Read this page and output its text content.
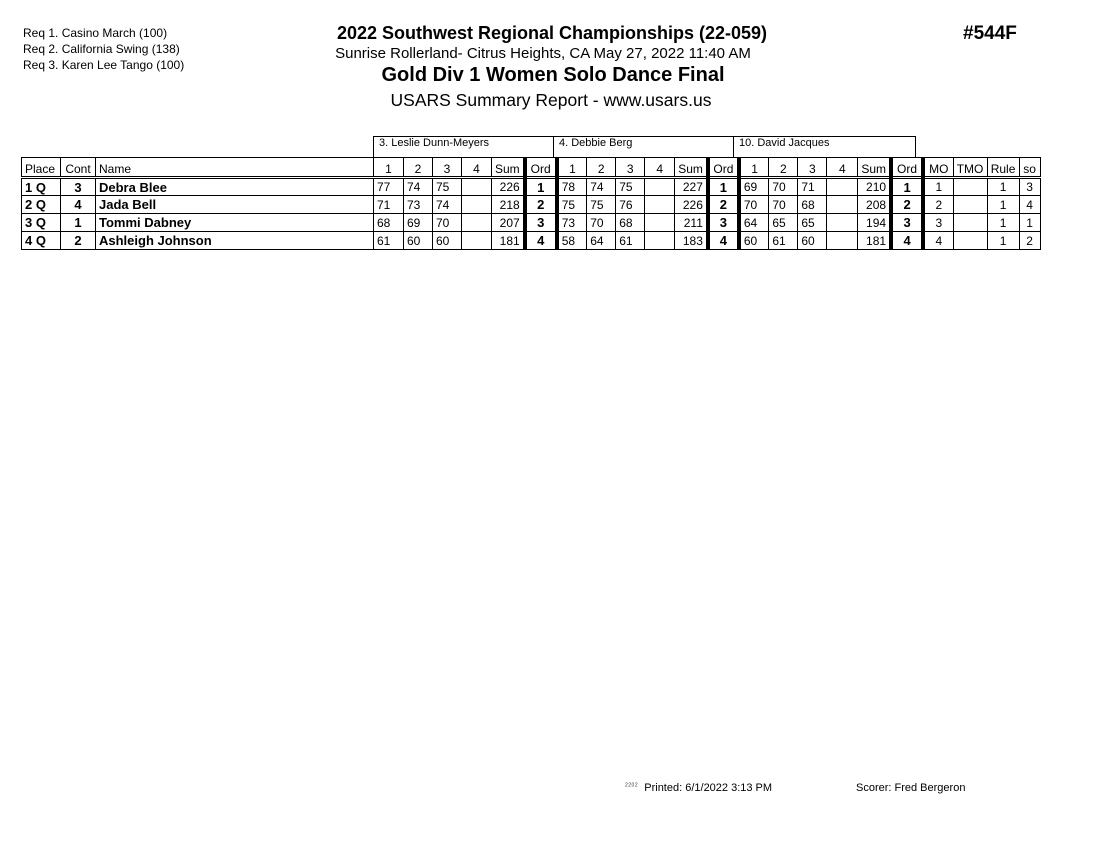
Req 1. Casino March (100)
Req 2. California Swing (138)
Req 3. Karen Lee Tango (100)
2022 Southwest Regional Championships (22-059)
Sunrise Rollerland- Citrus Heights, CA May 27, 2022 11:40 AM
Gold Div 1 Women Solo Dance Final
USARS Summary Report - www.usars.us
#544F
3. Leslie Dunn-Meyers	4. Debbie Berg	10. David Jacques
Place	Cont	Name	1	2	3	4	Sum	Ord	1	2	3	4	Sum	Ord	1	2	3	4	Sum	Ord	MO	TMO	Rule	so
1 Q	3	Debra Blee	77	74	75		226	1	78	74	75		227	1	69	70	71		210	1	1		1	3
2 Q	4	Jada Bell	71	73	74		218	2	75	75	76		226	2	70	70	68		208	2	2		1	4
3 Q	1	Tommi Dabney	68	69	70		207	3	73	70	68		211	3	64	65	65		194	3	3		1	1
4 Q	2	Ashleigh Johnson	61	60	60		181	4	58	64	61		183	4	60	61	60		181	4	4		1	2
$^{2202}$ Printed: 6/1/2022 3:13 PM	Scorer: Fred Bergeron
